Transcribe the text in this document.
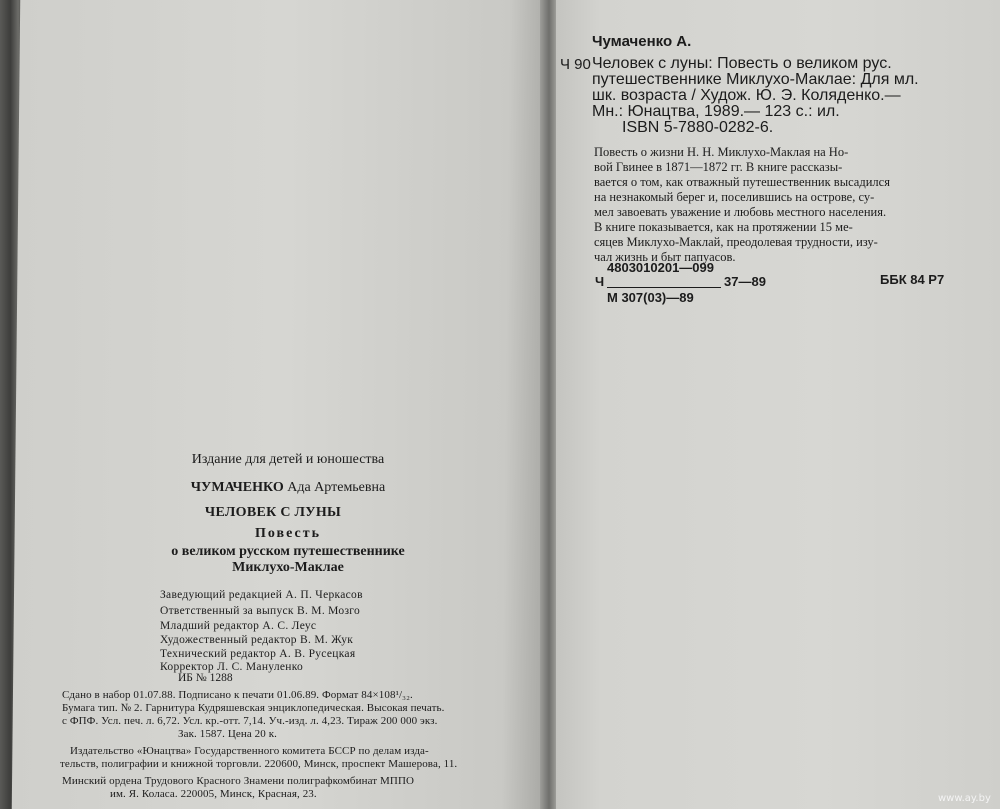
Издание для детей и юношества
ЧУМАЧЕНКО Ада Артемьевна
ЧЕЛОВЕК С ЛУНЫ
Повесть
о великом русском путешественнике
Миклухо-Маклае
Заведующий редакцией А. П. Черкасов
Ответственный за выпуск В. М. Мозго
Младший редактор А. С. Леус
Художественный редактор В. М. Жук
Технический редактор А. В. Русецкая
Корректор Л. С. Мануленко
ИБ № 1288
Сдано в набор 01.07.88. Подписано к печати 01.06.89. Формат 84×108¹/₃₂.
Бумага тип. № 2. Гарнитура Кудряшевская энциклопедическая. Высокая печать.
с ФПФ. Усл. печ. л. 6,72. Усл. кр.-отт. 7,14. Уч.-изд. л. 4,23. Тираж 200 000 экз.
Зак. 1587. Цена 20 к.
Издательство «Юнацтва» Государственного комитета БССР по делам изда-
тельств, полиграфии и книжной торговли. 220600, Минск, проспект Машерова, 11.
Минский ордена Трудового Красного Знамени полиграфкомбинат МППО
им. Я. Коласа. 220005, Минск, Красная, 23.
Ч 90
Чумаченко А.
Человек с луны: Повесть о великом рус.
путешественнике Миклухо-Маклае: Для мл.
шк. возраста / Худож. Ю. Э. Коляденко.—
Мн.: Юнацтва, 1989.— 123 с.: ил.
ISBN 5-7880-0282-6.
Повесть о жизни Н. Н. Миклухо-Маклая на Но-
вой Гвинее в 1871—1872 гг. В книге рассказы-
вается о том, как отважный путешественник высадился
на незнакомый берег и, поселившись на острове, су-
мел завоевать уважение и любовь местного населения.
В книге показывается, как на протяжении 15 ме-
сяцев Миклухо-Маклай, преодолевая трудности, изу-
чал жизнь и быт папуасов.
4803010201—099
Ч	37—89
М 307(03)—89
ББК 84 Р7
www.ay.by
